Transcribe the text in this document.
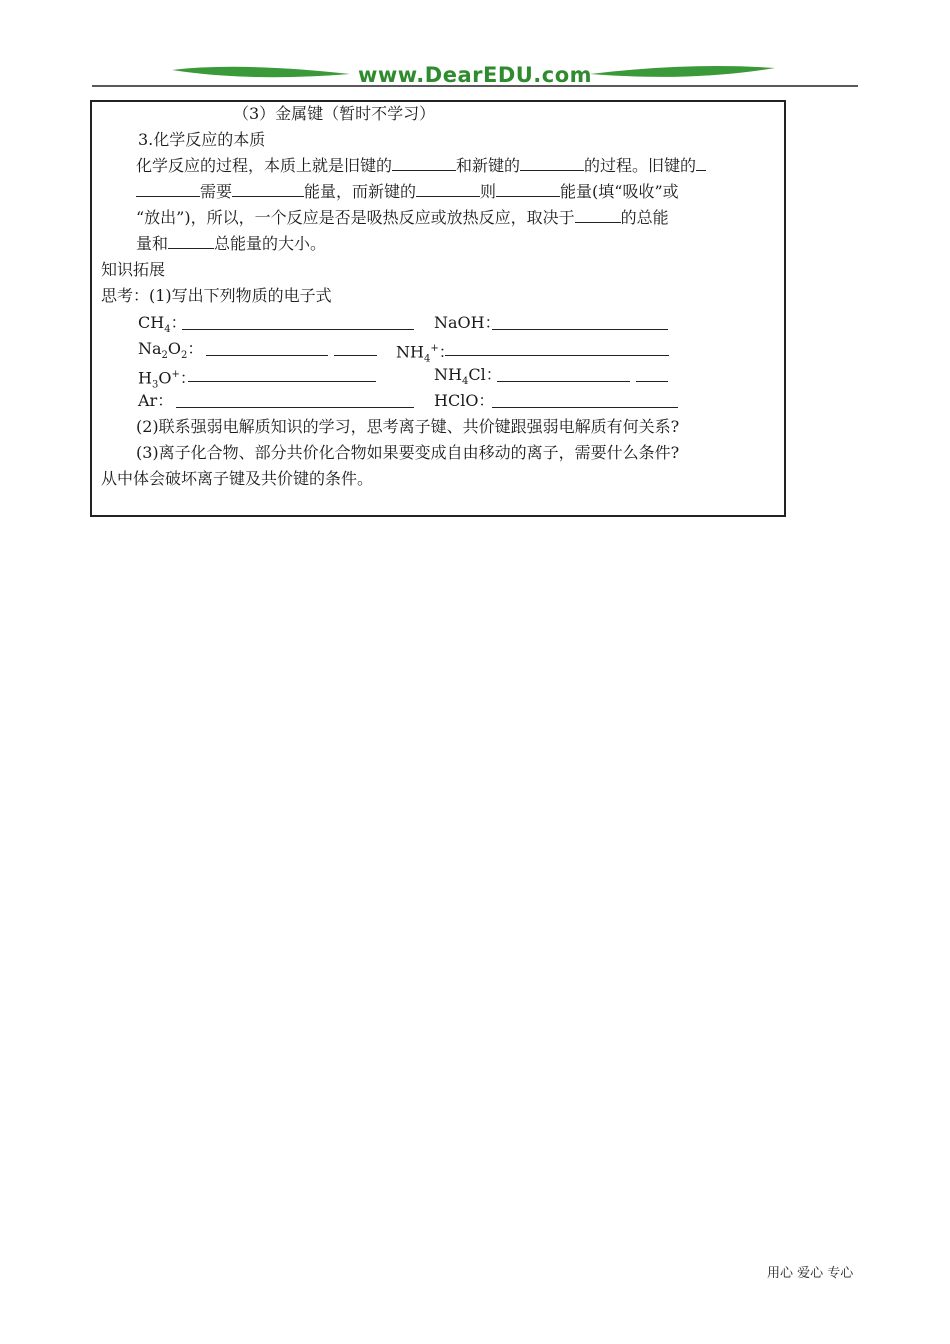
www.DearEDU.com
（3）金属键（暂时不学习）
3.化学反应的本质
化学反应的过程，本质上就是旧键的	和新键的	的过程。旧键的
需要	能量，而新键的	则	能量(填“吸收”或
“放出”)，所以，一个反应是否是吸热反应或放热反应，取决于	的总能
量和	总能量的大小。
知识拓展
思考：(1)写出下列物质的电子式
$CH_4$：	NaOH：
$Na_2O_2$：	$NH_4^+$：
$H_3O^+$：	$NH_4Cl$：
Ar：	HClO：
(2)联系强弱电解质知识的学习，思考离子键、共价键跟强弱电解质有何关系?
(3)离子化合物、部分共价化合物如果要变成自由移动的离子，需要什么条件?
从中体会破坏离子键及共价键的条件。
用心 爱心 专心
